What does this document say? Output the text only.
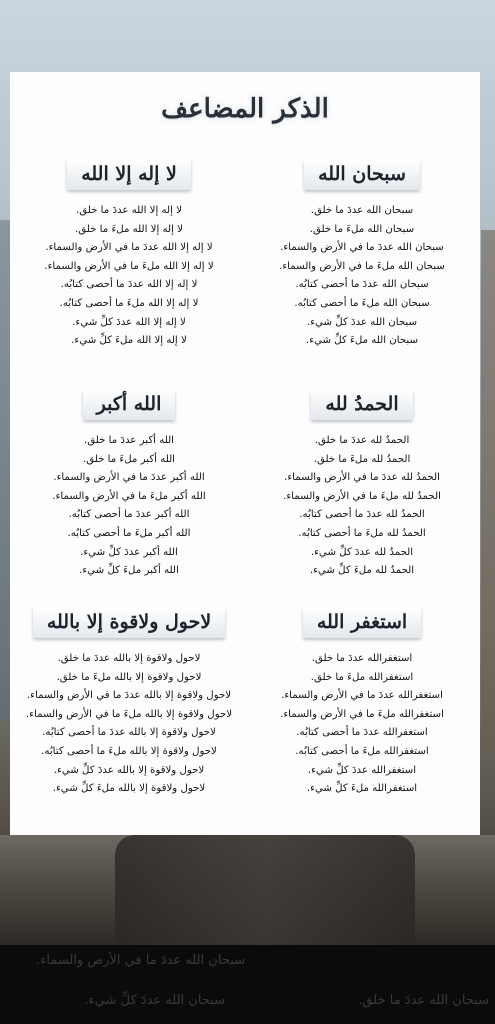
سبحان الله عددَ ما في الأرض والسماء.
سبحان الله عددَ ما خلق.
سبحان الله عددَ كلِّ شيء.
الذكر المضاعف
سبحان الله
سبحان الله عددَ ما خلق.
سبحان الله ملءَ ما خلق.
سبحان الله عددَ ما في الأرض والسماء.
سبحان الله ملءَ ما في الأرض والسماء.
سبحان الله عددَ ما أحصى كتابُه.
سبحان الله ملءَ ما أحصى كتابُه.
سبحان الله عددَ كلِّ شيء.
سبحان الله ملءَ كلِّ شيء.
لا إله إلا الله
لا إله إلا الله عددَ ما خلق.
لا إله إلا الله ملءَ ما خلق.
لا إله إلا الله عددَ ما في الأرض والسماء.
لا إله إلا الله ملءَ ما في الأرض والسماء.
لا إله إلا الله عددَ ما أحصى كتابُه.
لا إله إلا الله ملءَ ما أحصى كتابُه.
لا إله إلا الله عددَ كلِّ شيء.
لا إله إلا الله ملءَ كلِّ شيء.
الحمدُ لله
الحمدُ لله عددَ ما خلق.
الحمدُ لله ملءَ ما خلق.
الحمدُ لله عددَ ما في الأرض والسماء.
الحمدُ لله ملءَ ما في الأرض والسماء.
الحمدُ لله عددَ ما أحصى كتابُه.
الحمدُ لله ملءَ ما أحصى كتابُه.
الحمدُ لله عددَ كلِّ شيء.
الحمدُ لله ملءَ كلِّ شيء.
الله أكبر
الله أكبر عددَ ما خلق.
الله أكبر ملءَ ما خلق.
الله أكبر عددَ ما في الأرض والسماء.
الله أكبر ملءَ ما في الأرض والسماء.
الله أكبر عددَ ما أحصى كتابُه.
الله أكبر ملءَ ما أحصى كتابُه.
الله أكبر عددَ كلِّ شيء.
الله أكبر ملءَ كلِّ شيء.
استغفر الله
استغفرالله عددَ ما خلق.
استغفرالله ملءَ ما خلق.
استغفرالله عددَ ما في الأرض والسماء.
استغفرالله ملءَ ما في الأرض والسماء.
استغفرالله عددَ ما أحصى كتابُه.
استغفرالله ملءَ ما أحصى كتابُه.
استغفرالله عددَ كلِّ شيء.
استغفرالله ملءَ كلِّ شيء.
لاحول ولاقوة إلا بالله
لاحول ولاقوة إلا بالله عددَ ما خلق.
لاحول ولاقوة إلا بالله ملءَ ما خلق.
لاحول ولاقوة إلا بالله عددَ ما في الأرض والسماء.
لاحول ولاقوة إلا بالله ملءَ ما في الأرض والسماء.
لاحول ولاقوة إلا بالله عددَ ما أحصى كتابُه.
لاحول ولاقوة إلا بالله ملءَ ما أحصى كتابُه.
لاحول ولاقوة إلا بالله عددَ كلِّ شيء.
لاحول ولاقوة إلا بالله ملءَ كلِّ شيء.
